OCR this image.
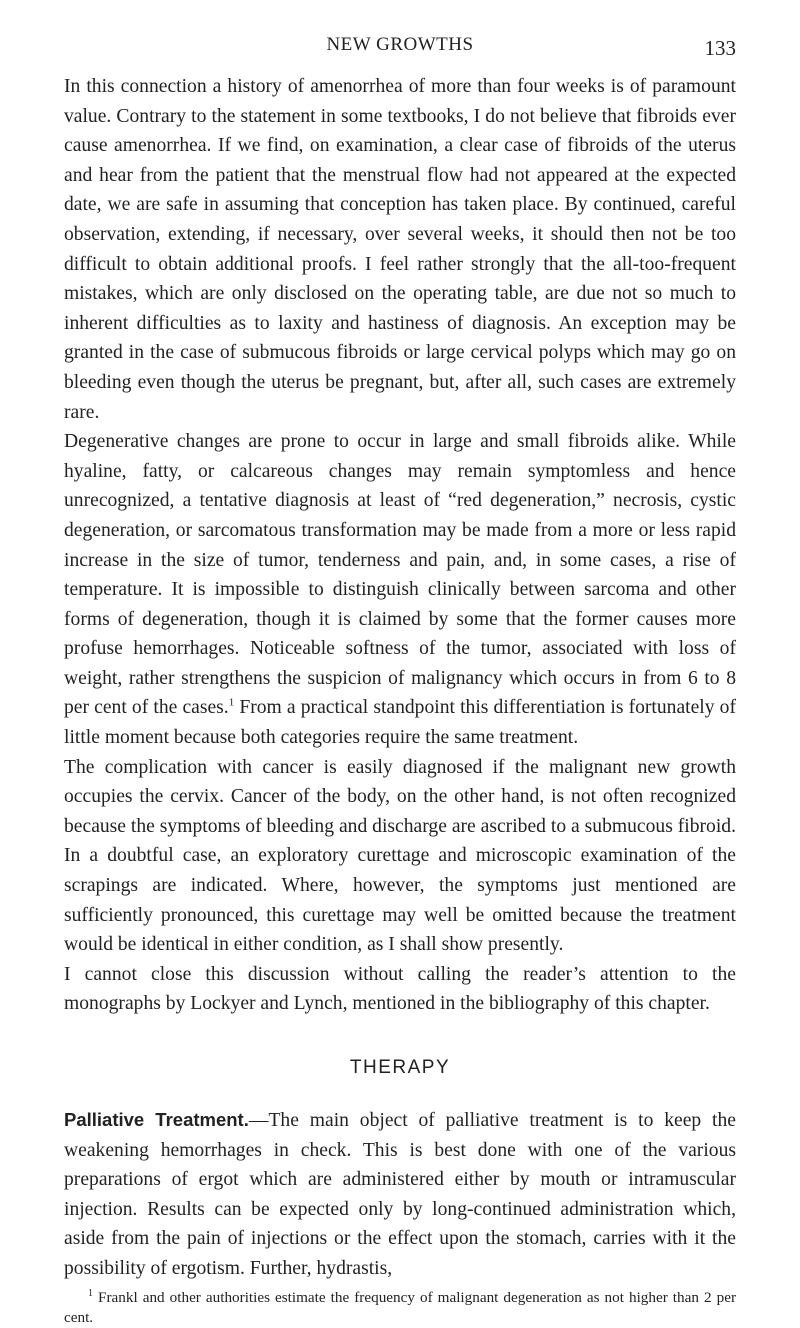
NEW GROWTHS	133

In this connection a history of amenorrhea of more than four weeks is of paramount value. Contrary to the statement in some textbooks, I do not believe that fibroids ever cause amenorrhea. If we find, on examination, a clear case of fibroids of the uterus and hear from the patient that the menstrual flow had not appeared at the expected date, we are safe in assuming that conception has taken place. By continued, careful observation, extending, if necessary, over several weeks, it should then not be too difficult to obtain additional proofs. I feel rather strongly that the all-too-frequent mistakes, which are only disclosed on the operating table, are due not so much to inherent difficulties as to laxity and hastiness of diagnosis. An exception may be granted in the case of submucous fibroids or large cervical polyps which may go on bleeding even though the uterus be pregnant, but, after all, such cases are extremely rare.

Degenerative changes are prone to occur in large and small fibroids alike. While hyaline, fatty, or calcareous changes may remain symptomless and hence unrecognized, a tentative diagnosis at least of “red degeneration,” necrosis, cystic degeneration, or sarcomatous transformation may be made from a more or less rapid increase in the size of tumor, tenderness and pain, and, in some cases, a rise of temperature. It is impossible to distinguish clinically between sarcoma and other forms of degeneration, though it is claimed by some that the former causes more profuse hemorrhages. Noticeable softness of the tumor, associated with loss of weight, rather strengthens the suspicion of malignancy which occurs in from 6 to 8 per cent of the cases.$^1$ From a practical standpoint this differentiation is fortunately of little moment because both categories require the same treatment.

The complication with cancer is easily diagnosed if the malignant new growth occupies the cervix. Cancer of the body, on the other hand, is not often recognized because the symptoms of bleeding and discharge are ascribed to a submucous fibroid. In a doubtful case, an exploratory curettage and microscopic examination of the scrapings are indicated. Where, however, the symptoms just mentioned are sufficiently pronounced, this curettage may well be omitted because the treatment would be identical in either condition, as I shall show presently.

I cannot close this discussion without calling the reader’s attention to the monographs by Lockyer and Lynch, mentioned in the bibliography of this chapter.

THERAPY

Palliative Treatment.—The main object of palliative treatment is to keep the weakening hemorrhages in check. This is best done with one of the various preparations of ergot which are administered either by mouth or intramuscular injection. Results can be expected only by long-continued administration which, aside from the pain of injections or the effect upon the stomach, carries with it the possibility of ergotism. Further, hydrastis,

$^1$ Frankl and other authorities estimate the frequency of malignant degeneration as not higher than 2 per cent.
